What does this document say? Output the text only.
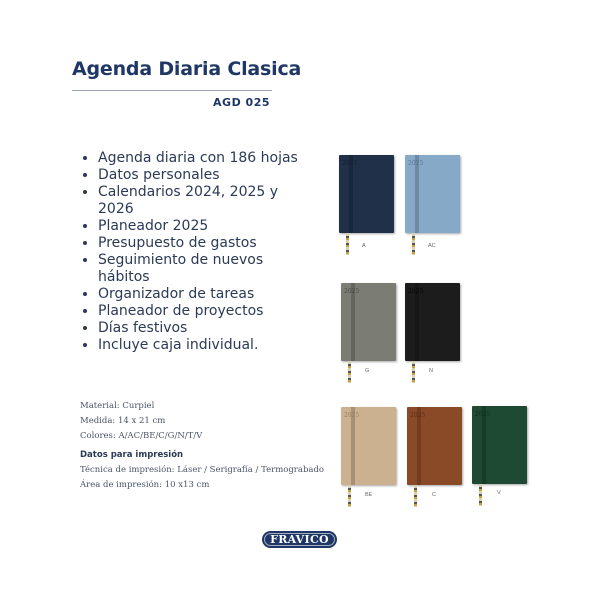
Agenda Diaria Clasica
AGD 025
• Agenda diaria con 186 hojas
• Datos personales
• Calendarios 2024, 2025 y 2026
• Planeador 2025
• Presupuesto de gastos
• Seguimiento de nuevos hábitos
• Organizador de tareas
• Planeador de proyectos
• Días festivos
• Incluye caja individual.
Material: Curpiel
Medida: 14 x 21 cm
Colores: A/AC/BE/C/G/N/T/V
Datos para impresión
Técnica de impresión: Láser / Serigrafía / Termograbado
Área de impresión: 10 x13 cm
2025
A
2025
AC
2025
G
2025
N
2025
BE
2025
C
2025
V
FRAVICO
